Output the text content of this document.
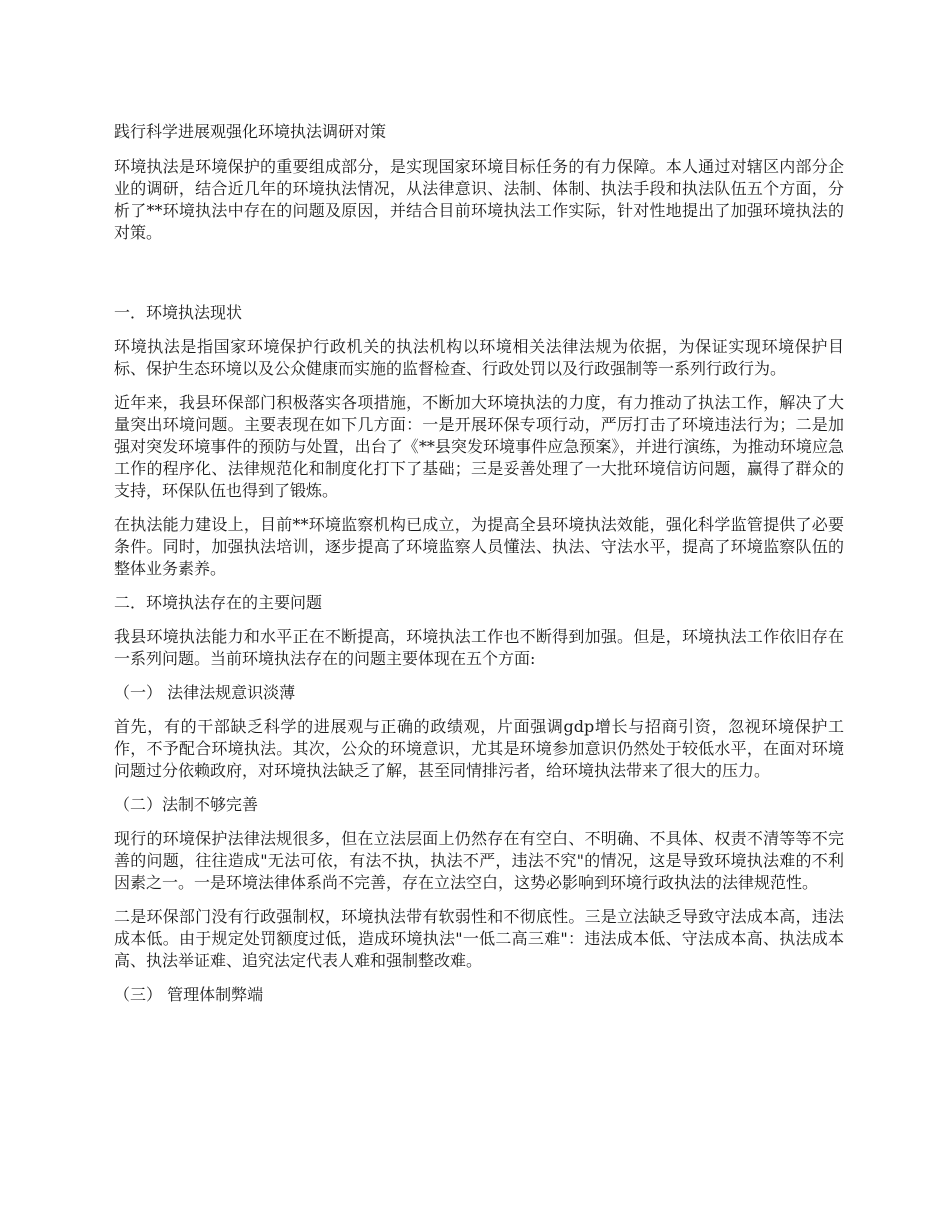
践行科学进展观强化环境执法调研对策

环境执法是环境保护的重要组成部分，是实现国家环境目标任务的有力保障。本人通过对辖区内部分企业的调研，结合近几年的环境执法情况，从法律意识、法制、体制、执法手段和执法队伍五个方面，分析了**环境执法中存在的问题及原因，并结合目前环境执法工作实际，针对性地提出了加强环境执法的对策。

一．环境执法现状

环境执法是指国家环境保护行政机关的执法机构以环境相关法律法规为依据，为保证实现环境保护目标、保护生态环境以及公众健康而实施的监督检查、行政处罚以及行政强制等一系列行政行为。

近年来，我县环保部门积极落实各项措施，不断加大环境执法的力度，有力推动了执法工作，解决了大量突出环境问题。主要表现在如下几方面：一是开展环保专项行动，严厉打击了环境违法行为；二是加强对突发环境事件的预防与处置，出台了《**县突发环境事件应急预案》，并进行演练，为推动环境应急工作的程序化、法律规范化和制度化打下了基础；三是妥善处理了一大批环境信访问题，赢得了群众的支持，环保队伍也得到了锻炼。

在执法能力建设上，目前**环境监察机构已成立，为提高全县环境执法效能，强化科学监管提供了必要条件。同时，加强执法培训，逐步提高了环境监察人员懂法、执法、守法水平，提高了环境监察队伍的整体业务素养。

二．环境执法存在的主要问题

我县环境执法能力和水平正在不断提高，环境执法工作也不断得到加强。但是，环境执法工作依旧存在一系列问题。当前环境执法存在的问题主要体现在五个方面:

（一） 法律法规意识淡薄

首先，有的干部缺乏科学的进展观与正确的政绩观，片面强调gdp增长与招商引资，忽视环境保护工作，不予配合环境执法。其次，公众的环境意识，尤其是环境参加意识仍然处于较低水平，在面对环境问题过分依赖政府，对环境执法缺乏了解，甚至同情排污者，给环境执法带来了很大的压力。

（二）法制不够完善

现行的环境保护法律法规很多，但在立法层面上仍然存在有空白、不明确、不具体、权责不清等等不完善的问题，往往造成"无法可依，有法不执，执法不严，违法不究"的情况，这是导致环境执法难的不利因素之一。一是环境法律体系尚不完善，存在立法空白，这势必影响到环境行政执法的法律规范性。

二是环保部门没有行政强制权，环境执法带有软弱性和不彻底性。三是立法缺乏导致守法成本高，违法成本低。由于规定处罚额度过低，造成环境执法"一低二高三难"：违法成本低、守法成本高、执法成本高、执法举证难、追究法定代表人难和强制整改难。

（三） 管理体制弊端
